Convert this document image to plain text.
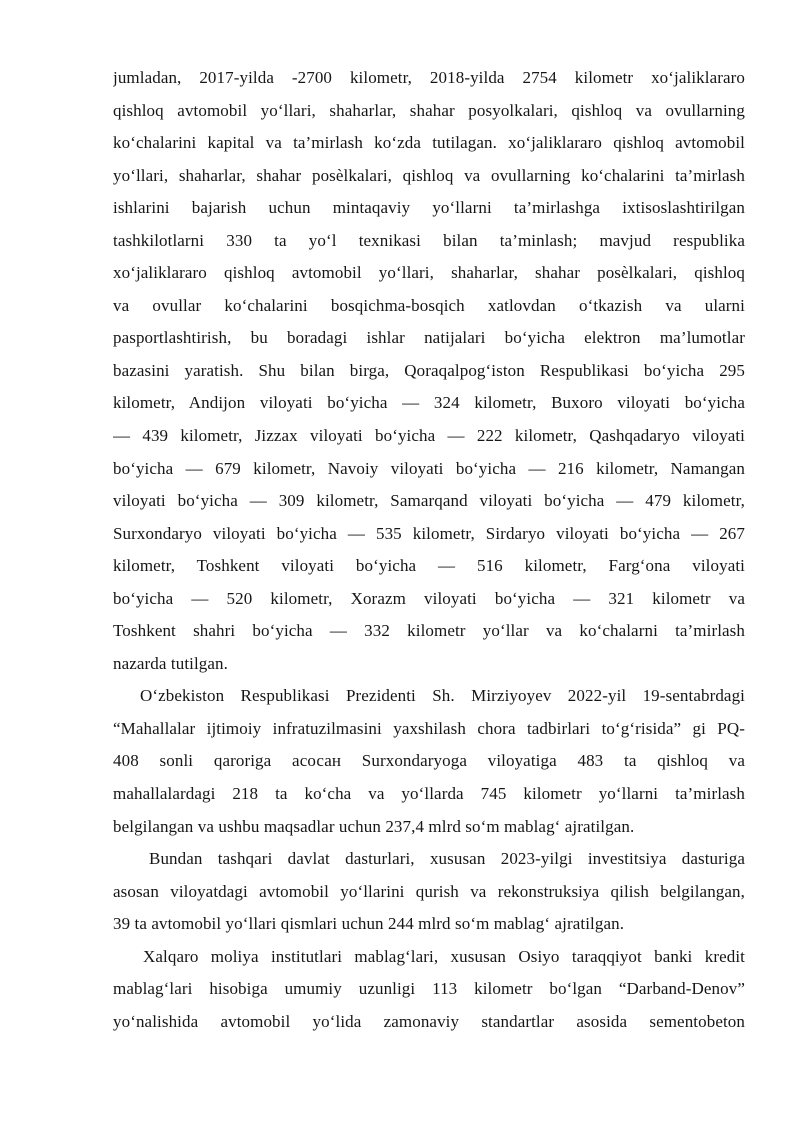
jumladan, 2017-yilda -2700 kilometr, 2018-yilda 2754 kilometr xo‘jaliklararo
qishloq avtomobil yo‘llari, shaharlar, shahar posyolkalari, qishloq va ovullarning
ko‘chalarini kapital va ta’mirlash ko‘zda tutilagan. xo‘jaliklararo qishloq avtomobil
yo‘llari, shaharlar, shahar posèlkalari, qishloq va ovullarning ko‘chalarini ta’mirlash
ishlarini bajarish uchun mintaqaviy yo‘llarni ta’mirlashga ixtisoslashtirilgan
tashkilotlarni 330 ta yo‘l texnikasi bilan ta’minlash; mavjud respublika
xo‘jaliklararo qishloq avtomobil yo‘llari, shaharlar, shahar posèlkalari, qishloq
va ovullar ko‘chalarini bosqichma-bosqich xatlovdan o‘tkazish va ularni
pasportlashtirish, bu boradagi ishlar natijalari bo‘yicha elektron ma’lumotlar
bazasini yaratish. Shu bilan birga, Qoraqalpog‘iston Respublikasi bo‘yicha 295
kilometr, Andijon viloyati bo‘yicha — 324 kilometr, Buxoro viloyati bo‘yicha
— 439 kilometr, Jizzax viloyati bo‘yicha — 222 kilometr, Qashqadaryo viloyati
bo‘yicha — 679 kilometr, Navoiy viloyati bo‘yicha — 216 kilometr, Namangan
viloyati bo‘yicha — 309 kilometr, Samarqand viloyati bo‘yicha — 479 kilometr,
Surxondaryo viloyati bo‘yicha — 535 kilometr, Sirdaryo viloyati bo‘yicha — 267
kilometr, Toshkent viloyati bo‘yicha — 516 kilometr, Farg‘ona viloyati
bo‘yicha — 520 kilometr, Xorazm viloyati bo‘yicha — 321 kilometr va
Toshkent shahri bo‘yicha — 332 kilometr yo‘llar va ko‘chalarni ta’mirlash
nazarda tutilgan.
O‘zbekiston Respublikasi Prezidenti Sh. Mirziyoyev 2022-yil 19-sentabrdagi
“Mahallalar ijtimoiy infratuzilmasini yaxshilash chora tadbirlari to‘g‘risida” gi PQ-
408 sonli qaroriga асосан Surxondaryoga viloyatiga 483 ta qishloq va
mahallalardagi 218 ta ko‘cha va yo‘llarda 745 kilometr yo‘llarni ta’mirlash
belgilangan va ushbu maqsadlar uchun 237,4 mlrd so‘m mablag‘ ajratilgan.
Bundan tashqari davlat dasturlari, xususan 2023-yilgi investitsiya dasturiga
asosan viloyatdagi avtomobil yo‘llarini qurish va rekonstruksiya qilish belgilangan,
39 ta avtomobil yo‘llari qismlari uchun 244 mlrd so‘m mablag‘ ajratilgan.
Xalqaro moliya institutlari mablag‘lari, xususan Osiyo taraqqiyot banki kredit
mablag‘lari hisobiga umumiy uzunligi 113 kilometr bo‘lgan “Darband-Denov”
yo‘nalishida avtomobil yo‘lida zamonaviy standartlar asosida sementobeton
